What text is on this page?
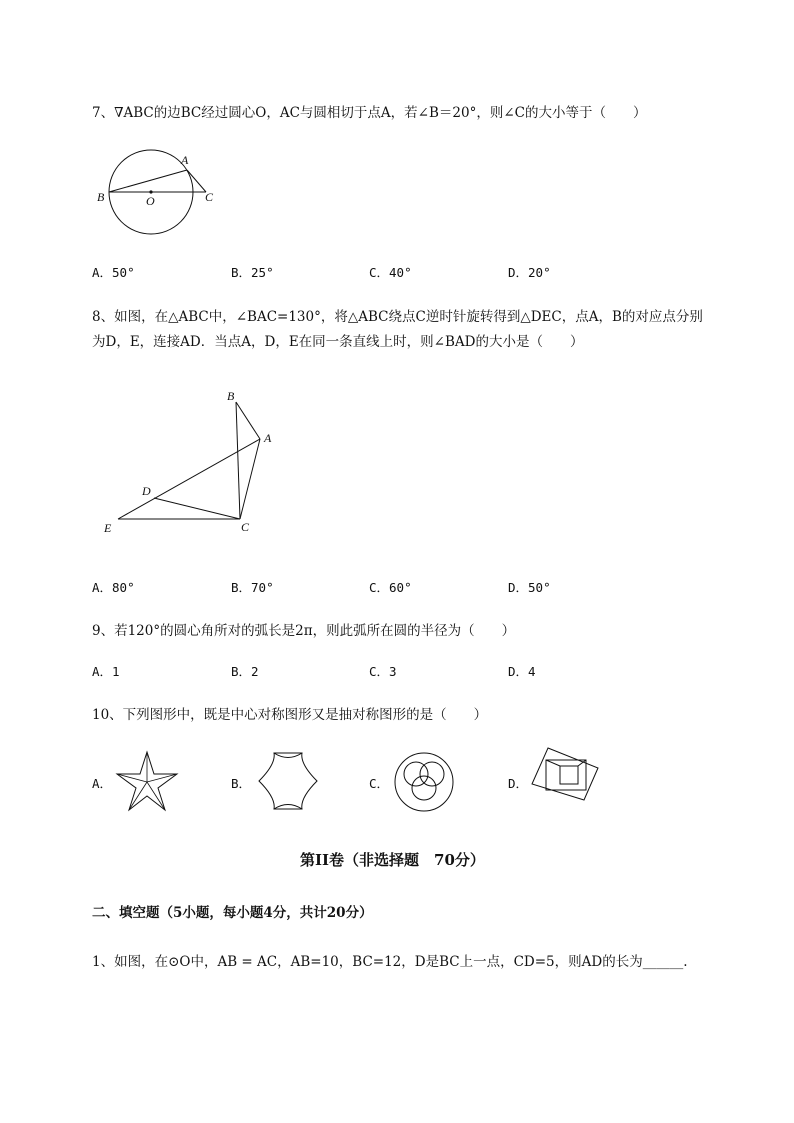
7、∇ABC的边BC经过圆心O，AC与圆相切于点A，若∠B＝20°，则∠C的大小等于（　　）
A
B	O	C
A．50°	B．25°	C．40°	D．20°
8、如图，在△ABC中，∠BAC=130°，将△ABC绕点C逆时针旋转得到△DEC，点A，B的对应点分别
为D，E，连接AD．当点A，D，E在同一条直线上时，则∠BAD的大小是（　　）
B
A
D
E	C
A．80°	B．70°	C．60°	D．50°
9、若120°的圆心角所对的弧长是2π，则此弧所在圆的半径为（　　）
A．1	B．2	C．3	D．4
10、下列图形中，既是中心对称图形又是抽对称图形的是（　　）
A．	B．	C．	D．
第II卷（非选择题　70分）
二、填空题（5小题，每小题4分，共计20分）
1、如图，在⊙O中，AB = AC，AB=10，BC=12，D是BC上一点，CD=5，则AD的长为______.
